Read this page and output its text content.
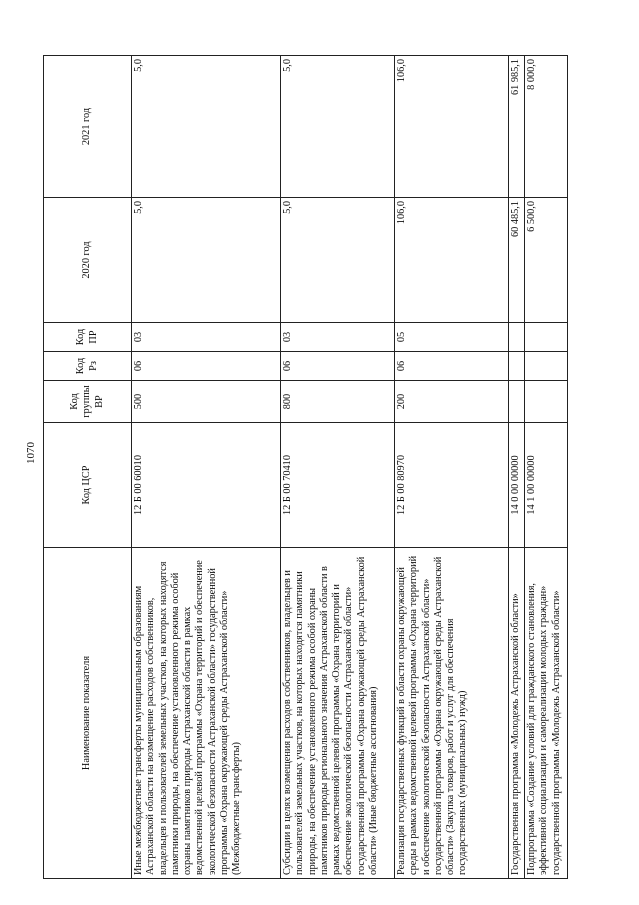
1070
Наименование показателя	Код ЦСР	Код группы ВР	Код Рз	Код ПР	2020 год	2021 год
Иные межбюджетные трансферты муниципальным образованиям Астраханской области на возмещение расходов собственников, владельцев и пользователей земельных участков, на которых находятся памятники природы, на обеспечение установленного режима особой охраны памятников природы Астраханской области в рамках ведомственной целевой программы «Охрана территорий и обеспечение экологической безопасности Астраханской области» государственной программы «Охрана окружающей среды Астраханской области» (Межбюджетные трансферты)	12 Б 00 60010	500	06	03	5,0	5,0
Субсидии в целях возмещения расходов собственников, владельцев и пользователей земельных участков, на которых находятся памятники природы, на обеспечение установленного режима особой охраны памятников природы регионального значения Астраханской области в рамках ведомственной целевой программы «Охрана территорий и обеспечение экологической безопасности Астраханской области» государственной программы «Охрана окружающей среды Астраханской области» (Иные бюджетные ассигнования)	12 Б 00 70410	800	06	03	5,0	5,0
Реализация государственных функций в области охраны окружающей среды в рамках ведомственной целевой программы «Охрана территорий и обеспечение экологической безопасности Астраханской области» государственной программы «Охрана окружающей среды Астраханской области» (Закупка товаров, работ и услуг для обеспечения государственных (муниципальных) нужд)	12 Б 00 80970	200	06	05	106,0	106,0
Государственная программа «Молодежь Астраханской области»	14 0 00 00000				60 485,1	61 985,1
Подпрограмма «Создание условий для гражданского становления, эффективной социализации и самореализации молодых граждан» государственной программы «Молодежь Астраханской области»	14 1 00 00000				6 500,0	8 000,0
